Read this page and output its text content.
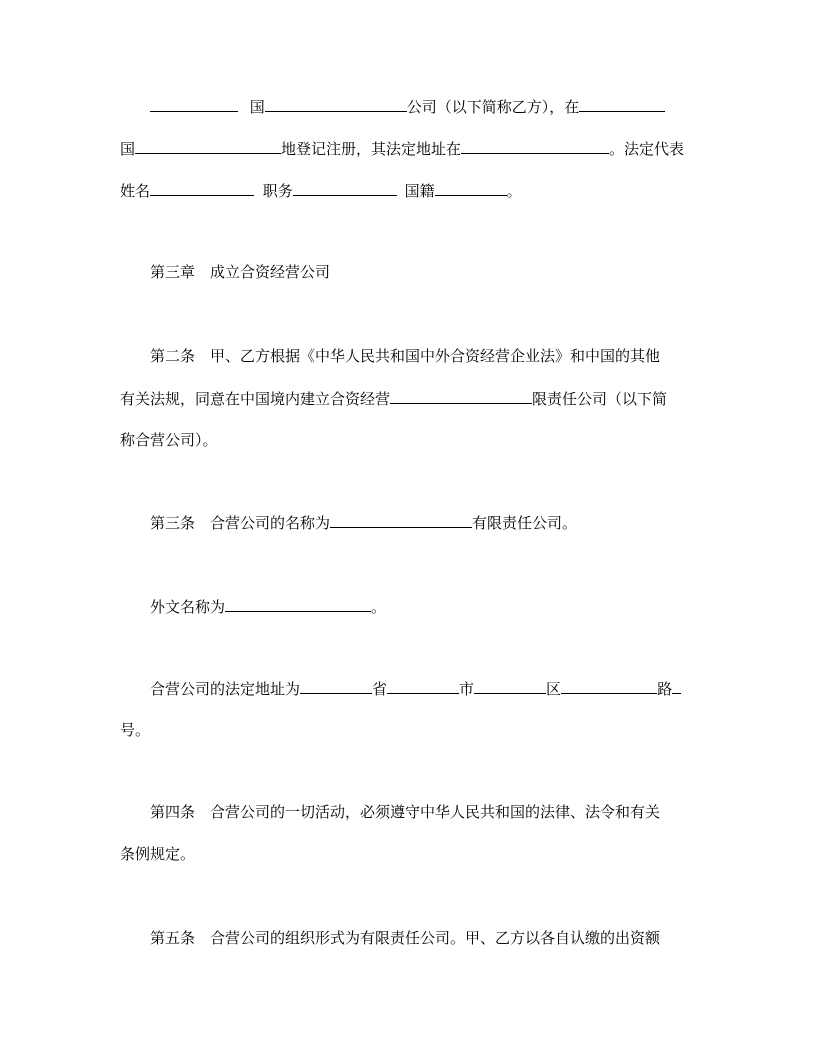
国	公司（以下简称乙方），在
国	地登记注册，其法定地址在	。法定代表
姓名	职务	国籍	。
第三章　成立合资经营公司
第二条　甲、乙方根据《中华人民共和国中外合资经营企业法》和中国的其他
有关法规，同意在中国境内建立合资经营	限责任公司（以下简
称合营公司）。
第三条　合营公司的名称为	有限责任公司。
外文名称为	。
合营公司的法定地址为	省	市	区	路
号。
第四条　合营公司的一切活动，必须遵守中华人民共和国的法律、法令和有关
条例规定。
第五条　合营公司的组织形式为有限责任公司。甲、乙方以各自认缴的出资额
